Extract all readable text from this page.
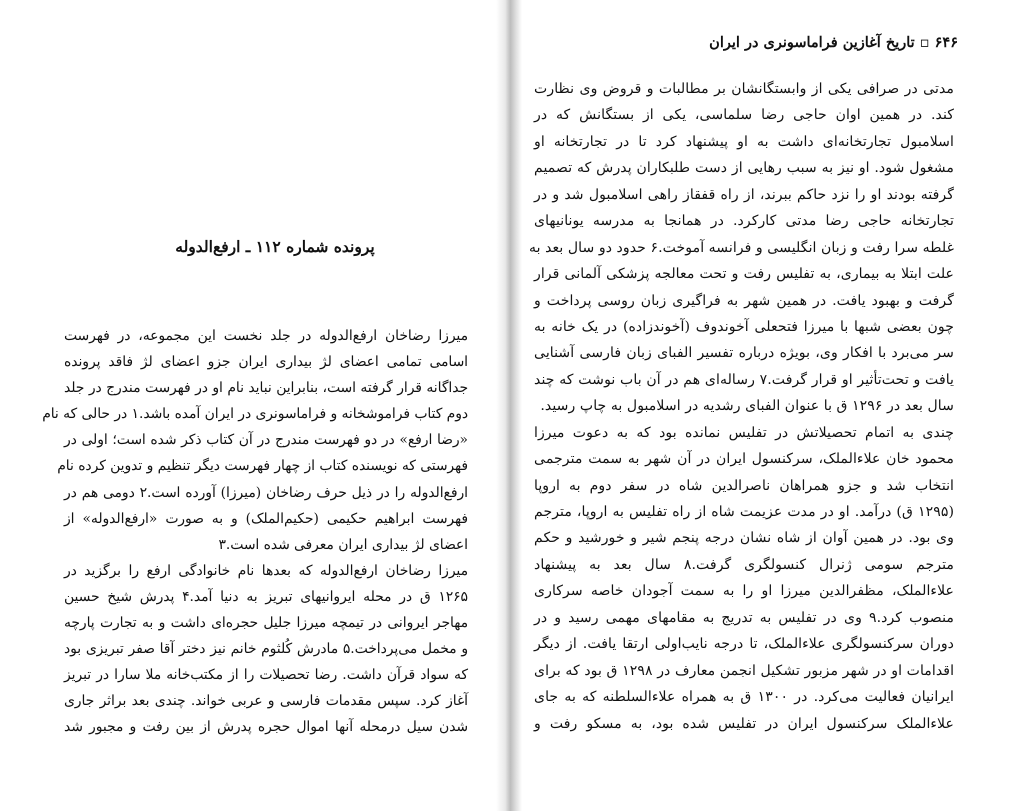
پرونده شماره ۱۱۲ ـ ارفع‌الدوله
میرزا رضاخان ارفع‌الدوله در جلد نخست این مجموعه، در فهرست
اسامی تمامی اعضای لژ بیداری ایران جزو اعضای لژ فاقد پرونده
جداگانه قرار گرفته است، بنابراین نباید نام او در فهرست مندرج در جلد
دوم کتاب فراموشخانه و فراماسونری در ایران آمده باشد.۱ در حالی که نام
«رضا ارفع» در دو فهرست مندرج در آن کتاب ذکر شده است؛ اولی در
فهرستی که نویسنده کتاب از چهار فهرست دیگر تنظیم و تدوین کرده نام
ارفع‌الدوله را در ذیل حرف رضاخان (میرزا) آورده است.۲ دومی هم در
فهرست ابراهیم حکیمی (حکیم‌الملک) و به صورت «ارفع‌الدوله» از
اعضای لژ بیداری ایران معرفی شده است.۳
میرزا رضاخان ارفع‌الدوله که بعدها نام خانوادگی ارفع را برگزید در
۱۲۶۵ ق در محله ایروانیهای تبریز به دنیا آمد.۴ پدرش شیخ حسین
مهاجر ایروانی در تیمچه میرزا جلیل حجره‌ای داشت و به تجارت پارچه
و مخمل می‌پرداخت.۵ مادرش کُلثوم خانم نیز دختر آقا صفر تبریزی بود
که سواد قرآن داشت. رضا تحصیلات را از مکتب‌خانه ملا سارا در تبریز
آغاز کرد. سپس مقدمات فارسی و عربی خواند. چندی بعد براثر جاری
شدن سیل درمحله آنها اموال حجره پدرش از بین رفت و مجبور شد
۶۴۶ ▫ تاریخ آغازین فراماسونری در ایران
مدتی در صرافی یکی از وابستگانشان بر مطالبات و قروض وی نظارت
کند. در همین اوان حاجی رضا سلماسی، یکی از بستگانش که در
اسلامبول تجارتخانه‌ای داشت به او پیشنهاد کرد تا در تجارتخانه او
مشغول شود. او نیز به سبب رهایی از دست طلبکاران پدرش که تصمیم
گرفته بودند او را نزد حاکم ببرند، از راه قفقاز راهی اسلامبول شد و در
تجارتخانه حاجی رضا مدتی کارکرد. در همانجا به مدرسه یونانیهای
غلطه سرا رفت و زبان انگلیسی و فرانسه آموخت.۶ حدود دو سال بعد به
علت ابتلا به بیماری، به تفلیس رفت و تحت معالجه پزشکی آلمانی قرار
گرفت و بهبود یافت. در همین شهر به فراگیری زبان روسی پرداخت و
چون بعضی شبها با میرزا فتحعلی آخوندوف (آخوندزاده) در یک خانه به
سر می‌برد با افکار وی، بویژه درباره تفسیر الفبای زبان فارسی آشنایی
یافت و تحت‌تأثیر او قرار گرفت.۷ رساله‌ای هم در آن باب نوشت که چند
سال بعد در ۱۲۹۶ ق با عنوان الفبای رشدیه در اسلامبول به چاپ رسید.
چندی به اتمام تحصیلاتش در تفلیس نمانده بود که به دعوت میرزا
محمود خان علاءالملک، سرکنسول ایران در آن شهر به سمت مترجمی
انتخاب شد و جزو همراهان ناصرالدین شاه در سفر دوم به اروپا
(۱۲۹۵ ق) درآمد. او در مدت عزیمت شاه از راه تفلیس به اروپا، مترجم
وی بود. در همین آوان از شاه نشان درجه پنجم شیر و خورشید و حکم
مترجم سومی ژنرال کنسولگری گرفت.۸ سال بعد به پیشنهاد
علاءالملک، مظفرالدین میرزا او را به سمت آجودان خاصه سرکاری
منصوب کرد.۹ وی در تفلیس به تدریج به مقامهای مهمی رسید و در
دوران سرکنسولگری علاءالملک، تا درجه نایب‌اولی ارتقا یافت. از دیگر
اقدامات او در شهر مزبور تشکیل انجمن معارف در ۱۲۹۸ ق بود که برای
ایرانیان فعالیت می‌کرد. در ۱۳۰۰ ق به همراه علاءالسلطنه که به جای
علاءالملک سرکنسول ایران در تفلیس شده بود، به مسکو رفت و
